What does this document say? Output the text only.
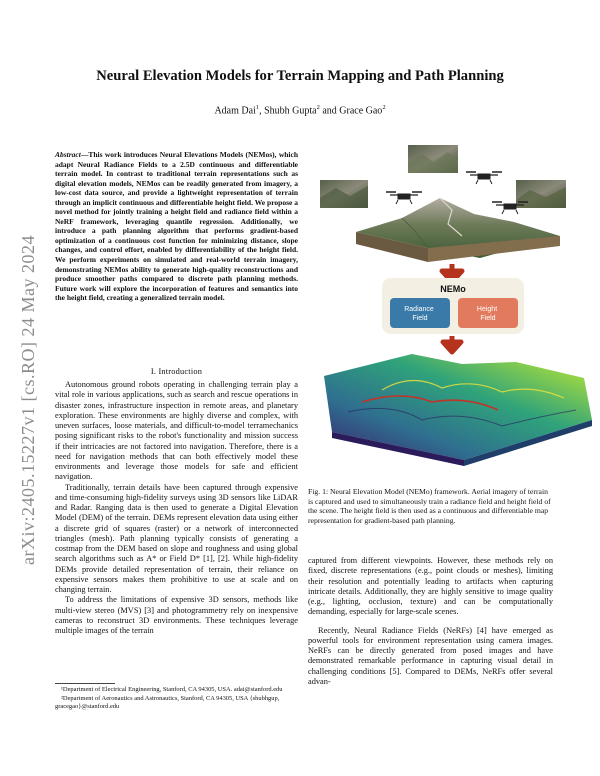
arXiv:2405.15227v1 [cs.RO] 24 May 2024
Neural Elevation Models for Terrain Mapping and Path Planning
Adam Dai$^1$, Shubh Gupta$^2$ and Grace Gao$^2$
Abstract—This work introduces Neural Elevations Models (NEMos), which adapt Neural Radiance Fields to a 2.5D continuous and differentiable terrain model. In contrast to traditional terrain representations such as digital elevation models, NEMos can be readily generated from imagery, a low-cost data source, and provide a lightweight representation of terrain through an implicit continuous and differentiable height field. We propose a novel method for jointly training a height field and radiance field within a NeRF framework, leveraging quantile regression. Additionally, we introduce a path planning algorithm that performs gradient-based optimization of a continuous cost function for minimizing distance, slope changes, and control effort, enabled by differentiability of the height field. We perform experiments on simulated and real-world terrain imagery, demonstrating NEMos ability to generate high-quality reconstructions and produce smoother paths compared to discrete path planning methods. Future work will explore the incorporation of features and semantics into the height field, creating a generalized terrain model.
I. Introduction

Autonomous ground robots operating in challenging terrain play a vital role in various applications, such as search and rescue operations in disaster zones, infrastructure inspection in remote areas, and planetary exploration. These environments are highly diverse and complex, with uneven surfaces, loose materials, and difficult-to-model terramechanics posing significant risks to the robot's functionality and mission success if their intricacies are not factored into navigation. Therefore, there is a need for navigation methods that can both effectively model these environments and leverage those models for safe and efficient navigation.

Traditionally, terrain details have been captured through expensive and time-consuming high-fidelity surveys using 3D sensors like LiDAR and Radar. Ranging data is then used to generate a Digital Elevation Model (DEM) of the terrain. DEMs represent elevation data using either a discrete grid of squares (raster) or a network of interconnected triangles (mesh). Path planning typically consists of generating a costmap from the DEM based on slope and roughness and using global search algorithms such as A* or Field D* [1], [2]. While high-fidelity DEMs provide detailed representation of terrain, their reliance on expensive sensors makes them prohibitive to use at scale and on changing terrain.

To address the limitations of expensive 3D sensors, methods like multi-view stereo (MVS) [3] and photogrammetry rely on inexpensive cameras to reconstruct 3D environments. These techniques leverage multiple images of the terrain

¹Department of Electrical Engineering, Stanford, CA 94305, USA. adai@stanford.edu

²Department of Aeronautics and Astronautics, Stanford, CA 94305, USA {shubhgup, gracegao}@stanford.edu

NEMo
Radiance Field
Height Field
Fig. 1: Neural Elevation Model (NEMo) framework. Aerial imagery of terrain is captured and used to simultaneously train a radiance field and height field of the scene. The height field is then used as a continuous and differentiable map representation for gradient-based path planning.

captured from different viewpoints. However, these methods rely on fixed, discrete representations (e.g., point clouds or meshes), limiting their resolution and potentially leading to artifacts when capturing intricate details. Additionally, they are highly sensitive to image quality (e.g., lighting, occlusion, texture) and can be computationally demanding, especially for large-scale scenes.

Recently, Neural Radiance Fields (NeRFs) [4] have emerged as powerful tools for environment representation using camera images. NeRFs can be directly generated from posed images and have demonstrated remarkable performance in capturing visual detail in challenging conditions [5]. Compared to DEMs, NeRFs offer several advan-
